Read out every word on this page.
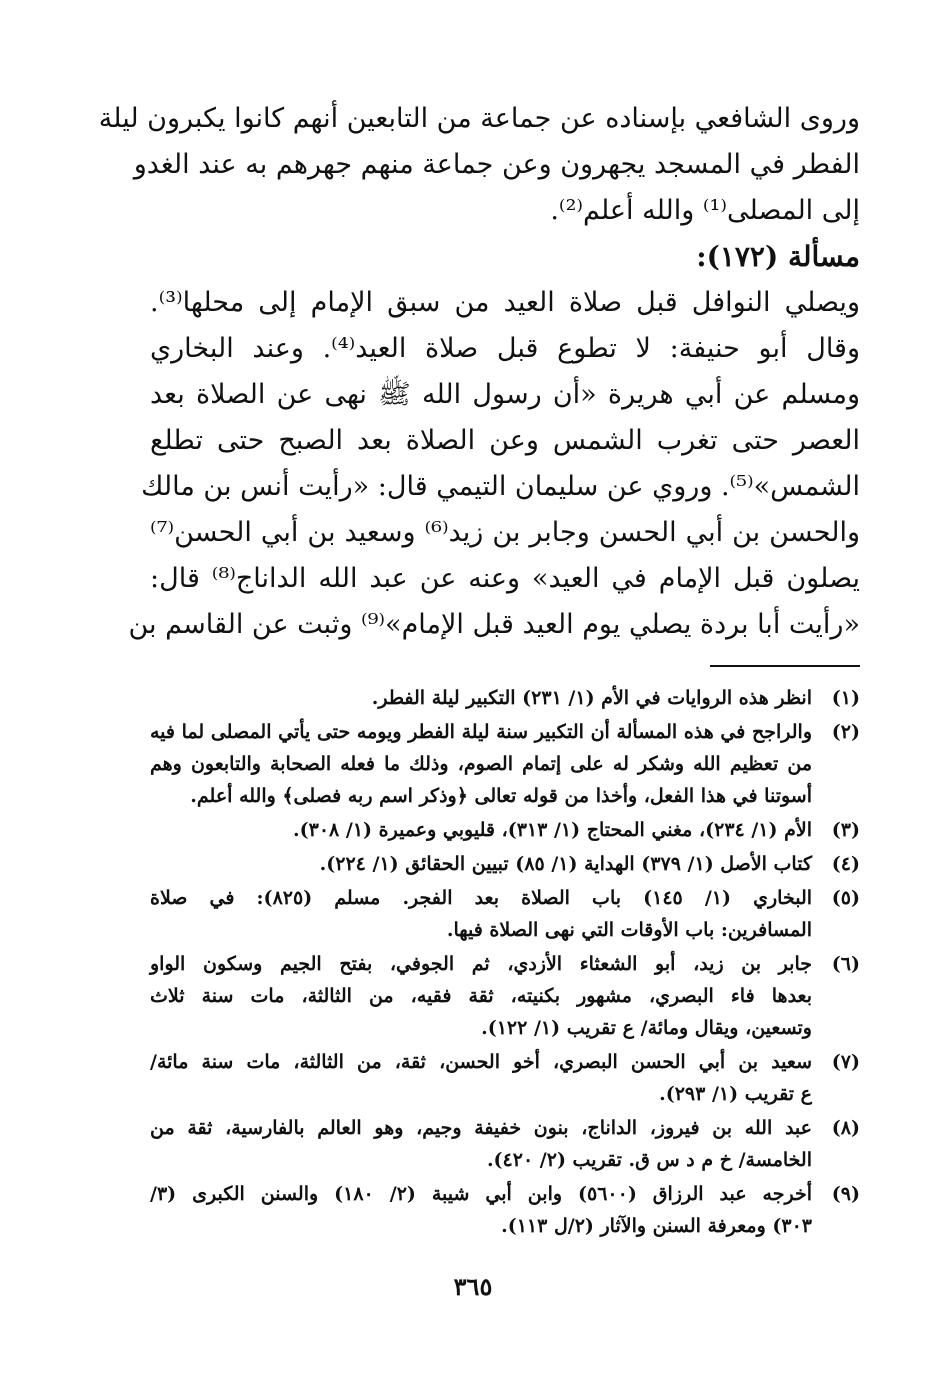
وروى الشافعي بإسناده عن جماعة من التابعين أنهم كانوا يكبرون ليلة
الفطر في المسجد يجهرون وعن جماعة منهم جهرهم به عند الغدو
إلى المصلى⁽¹⁾ والله أعلم⁽²⁾.
مسألة (١٧٢):
ويصلي النوافل قبل صلاة العيد من سبق الإمام إلى محلها⁽³⁾.
وقال أبو حنيفة: لا تطوع قبل صلاة العيد⁽⁴⁾. وعند البخاري
ومسلم عن أبي هريرة «أن رسول الله ﷺ نهى عن الصلاة بعد
العصر حتى تغرب الشمس وعن الصلاة بعد الصبح حتى تطلع
الشمس»⁽⁵⁾. وروي عن سليمان التيمي قال: «رأيت أنس بن مالك
والحسن بن أبي الحسن وجابر بن زيد⁽⁶⁾ وسعيد بن أبي الحسن⁽⁷⁾
يصلون قبل الإمام في العيد» وعنه عن عبد الله الداناج⁽⁸⁾ قال:
«رأيت أبا بردة يصلي يوم العيد قبل الإمام»⁽⁹⁾ وثبت عن القاسم بن
(١)
انظر هذه الروايات في الأم (١/ ٢٣١) التكبير ليلة الفطر.
(٢)
والراجح في هذه المسألة أن التكبير سنة ليلة الفطر ويومه حتى يأتي المصلى لما فيه
من تعظيم الله وشكر له على إتمام الصوم، وذلك ما فعله الصحابة والتابعون وهم
أسوتنا في هذا الفعل، وأخذا من قوله تعالى ﴿وذكر اسم ربه فصلى﴾ والله أعلم.
(٣)
الأم (١/ ٢٣٤)، مغني المحتاج (١/ ٣١٣)، قليوبي وعميرة (١/ ٣٠٨).
(٤)
كتاب الأصل (١/ ٣٧٩) الهداية (١/ ٨٥) تبيين الحقائق (١/ ٢٢٤).
(٥)
البخاري (١/ ١٤٥) باب الصلاة بعد الفجر. مسلم (٨٢٥): في صلاة
المسافرين: باب الأوقات التي نهى الصلاة فيها.
(٦)
جابر بن زيد، أبو الشعثاء الأزدي، ثم الجوفي، بفتح الجيم وسكون الواو
بعدها فاء البصري، مشهور بكنيته، ثقة فقيه، من الثالثة، مات سنة ثلاث
وتسعين، ويقال ومائة/ ع تقريب (١/ ١٢٢).
(٧)
سعيد بن أبي الحسن البصري، أخو الحسن، ثقة، من الثالثة، مات سنة مائة/
ع تقريب (١/ ٢٩٣).
(٨)
عبد الله بن فيروز، الداناج، بنون خفيفة وجيم، وهو العالم بالفارسية، ثقة من
الخامسة/ خ م د س ق. تقريب (٢/ ٤٢٠).
(٩)
أخرجه عبد الرزاق (٥٦٠٠) وابن أبي شيبة (٢/ ١٨٠) والسنن الكبرى (٣/
٣٠٣) ومعرفة السنن والآثار (٢/ل ١١٣).
٣٦٥
